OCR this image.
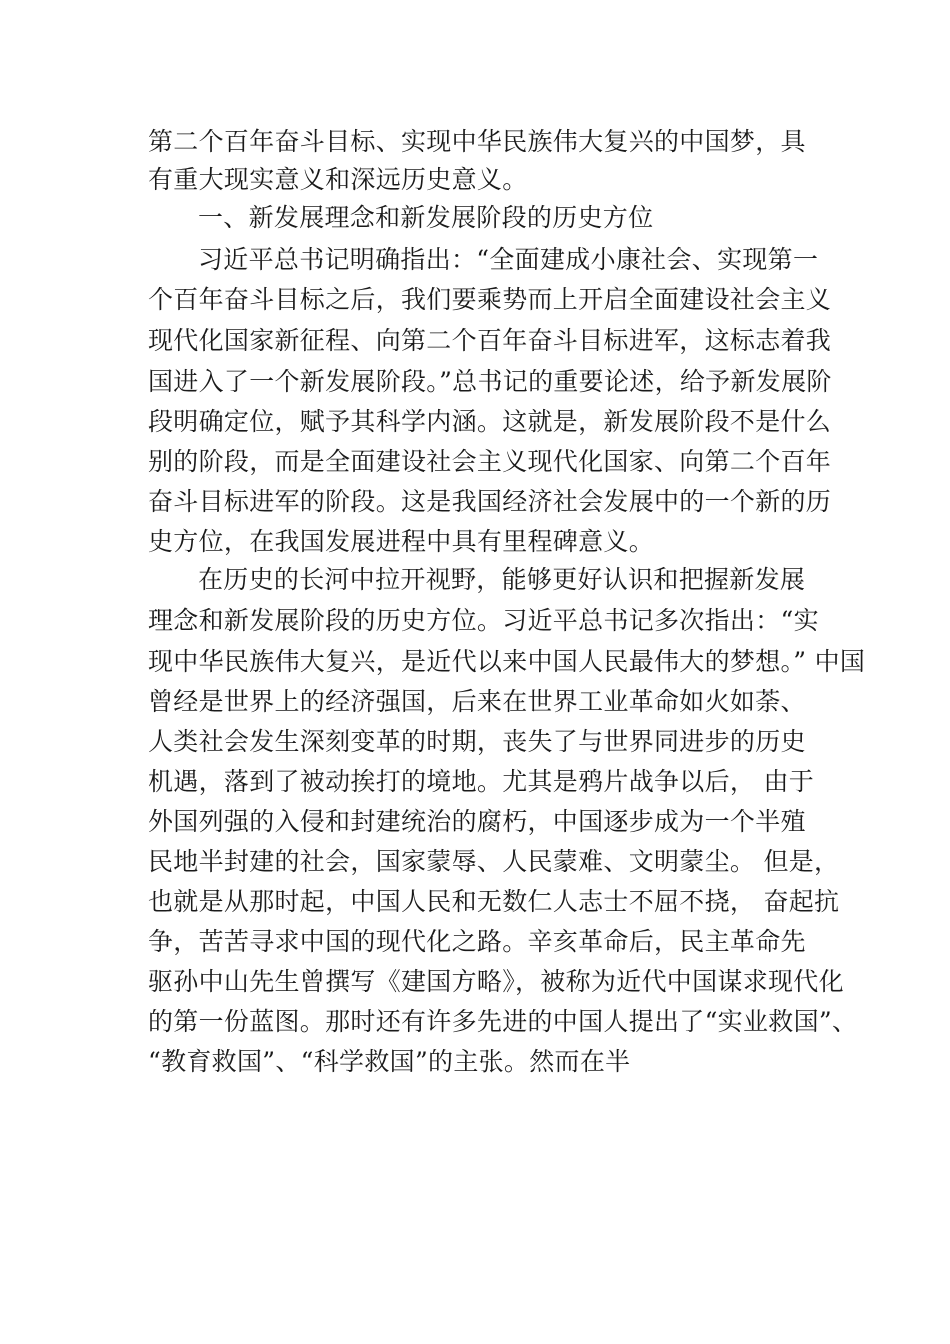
第二个百年奋斗目标、实现中华民族伟大复兴的中国梦，具
有重大现实意义和深远历史意义。
一、新发展理念和新发展阶段的历史方位
习近平总书记明确指出：“全面建成小康社会、实现第一
个百年奋斗目标之后，我们要乘势而上开启全面建设社会主义
现代化国家新征程、向第二个百年奋斗目标进军，这标志着我
国进入了一个新发展阶段。”总书记的重要论述，给予新发展阶
段明确定位，赋予其科学内涵。这就是，新发展阶段不是什么
别的阶段，而是全面建设社会主义现代化国家、向第二个百年
奋斗目标进军的阶段。这是我国经济社会发展中的一个新的历
史方位，在我国发展进程中具有里程碑意义。
在历史的长河中拉开视野，能够更好认识和把握新发展
理念和新发展阶段的历史方位。习近平总书记多次指出：“实
现中华民族伟大复兴，是近代以来中国人民最伟大的梦想。” 中国
曾经是世界上的经济强国，后来在世界工业革命如火如荼、
人类社会发生深刻变革的时期，丧失了与世界同进步的历史
机遇，落到了被动挨打的境地。尤其是鸦片战争以后， 由于
外国列强的入侵和封建统治的腐朽，中国逐步成为一个半殖
民地半封建的社会，国家蒙辱、人民蒙难、文明蒙尘。 但是，
也就是从那时起，中国人民和无数仁人志士不屈不挠， 奋起抗
争，苦苦寻求中国的现代化之路。辛亥革命后，民主革命先
驱孙中山先生曾撰写《建国方略》，被称为近代中国谋求现代化
的第一份蓝图。那时还有许多先进的中国人提出了“实业救国”、
“教育救国”、“科学救国”的主张。然而在半
